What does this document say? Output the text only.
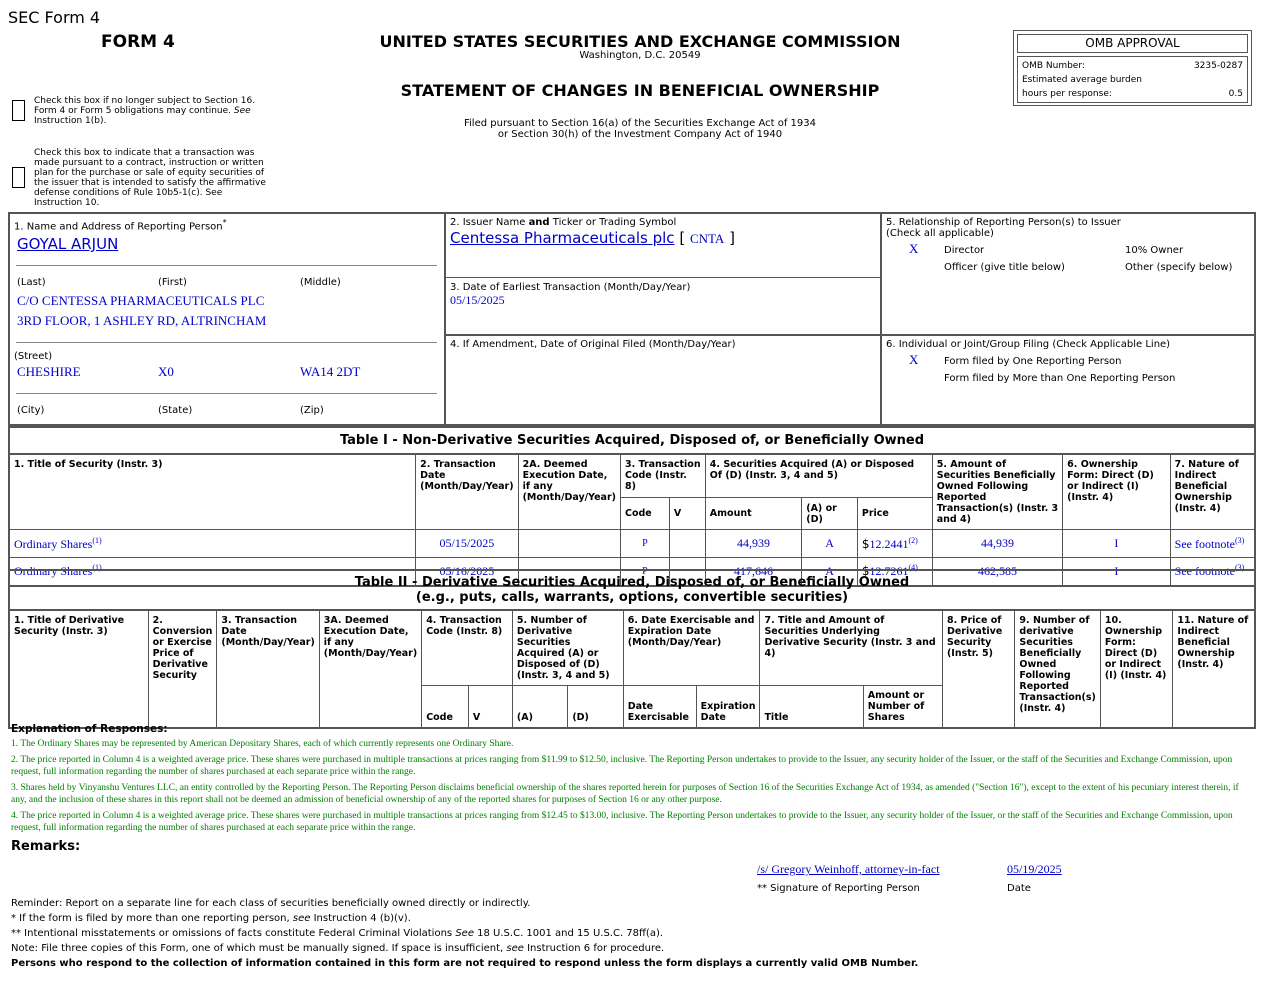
SEC Form 4
FORM 4	UNITED STATES SECURITIES AND EXCHANGE COMMISSION
Washington, D.C. 20549
STATEMENT OF CHANGES IN BENEFICIAL OWNERSHIP
Filed pursuant to Section 16(a) of the Securities Exchange Act of 1934
or Section 30(h) of the Investment Company Act of 1940
OMB APPROVAL
OMB Number:	3235-0287
Estimated average burden
hours per response:	0.5
Check this box if no longer subject to Section 16. Form 4 or Form 5 obligations may continue. See Instruction 1(b).
Check this box to indicate that a transaction was made pursuant to a contract, instruction or written plan for the purchase or sale of equity securities of the issuer that is intended to satisfy the affirmative defense conditions of Rule 10b5-1(c). See Instruction 10.
1. Name and Address of Reporting Person*
GOYAL ARJUN
(Last)	(First)	(Middle)
C/O CENTESSA PHARMACEUTICALS PLC
3RD FLOOR, 1 ASHLEY RD, ALTRINCHAM
(Street)
CHESHIRE	X0	WA14 2DT
(City)	(State)	(Zip)
2. Issuer Name and Ticker or Trading Symbol
Centessa Pharmaceuticals plc [ CNTA ]
3. Date of Earliest Transaction (Month/Day/Year)
05/15/2025
4. If Amendment, Date of Original Filed (Month/Day/Year)
5. Relationship of Reporting Person(s) to Issuer
(Check all applicable)
X	Director	10% Owner
Officer (give title below)	Other (specify below)
6. Individual or Joint/Group Filing (Check Applicable Line)
X	Form filed by One Reporting Person
Form filed by More than One Reporting Person
Table I - Non-Derivative Securities Acquired, Disposed of, or Beneficially Owned										
1. Title of Security (Instr. 3)	2. Transaction Date (Month/Day/Year)	2A. Deemed Execution Date, if any (Month/Day/Year)	3. Transaction Code (Instr. 8)		4. Securities Acquired (A) or Disposed Of (D) (Instr. 3, 4 and 5)			5. Amount of Securities Beneficially Owned Following Reported Transaction(s) (Instr. 3 and 4)	6. Ownership Form: Direct (D) or Indirect (I) (Instr. 4)	7. Nature of Indirect Beneficial Ownership (Instr. 4)
			Code	V	Amount	(A) or (D)	Price			
Ordinary Shares$^{(1)}$	05/15/2025		P		44,939	A	$12.2441$^{(2)}$	44,939	I	See footnote$^{(3)}$
Ordinary Shares$^{(1)}$	05/16/2025		P		417,646	A	$12.7261$^{(4)}$	462,585	I	See footnote$^{(3)}$
Table II - Derivative Securities Acquired, Disposed of, or Beneficially Owned
(e.g., puts, calls, warrants, options, convertible securities)															

1. Title of Derivative Security (Instr. 3)	2. Conversion or Exercise Price of Derivative Security	3. Transaction Date (Month/Day/Year)	3A. Deemed Execution Date, if any (Month/Day/Year)	4. Transaction Code (Instr. 8)		5. Number of Derivative Securities Acquired (A) or Disposed of (D) (Instr. 3, 4 and 5)		6. Date Exercisable and Expiration Date (Month/Day/Year)		7. Title and Amount of Securities Underlying Derivative Security (Instr. 3 and 4)		8. Price of Derivative Security (Instr. 5)	9. Number of derivative Securities Beneficially Owned Following Reported Transaction(s) (Instr. 4)	10. Ownership Form: Direct (D) or Indirect (I) (Instr. 4)	11. Nature of Indirect Beneficial Ownership (Instr. 4)
				Code	V	(A)	(D)	Date Exercisable	Expiration Date	Title	Amount or Number of Shares				
Explanation of Responses:
1. The Ordinary Shares may be represented by American Depositary Shares, each of which currently represents one Ordinary Share.
2. The price reported in Column 4 is a weighted average price. These shares were purchased in multiple transactions at prices ranging from $11.99 to $12.50, inclusive. The Reporting Person undertakes to provide to the Issuer, any security holder of the Issuer, or the staff of the Securities and Exchange Commission, upon request, full information regarding the number of shares purchased at each separate price within the range.
3. Shares held by Vinyanshu Ventures LLC, an entity controlled by the Reporting Person. The Reporting Person disclaims beneficial ownership of the shares reported herein for purposes of Section 16 of the Securities Exchange Act of 1934, as amended ("Section 16"), except to the extent of his pecuniary interest therein, if any, and the inclusion of these shares in this report shall not be deemed an admission of beneficial ownership of any of the reported shares for purposes of Section 16 or any other purpose.
4. The price reported in Column 4 is a weighted average price. These shares were purchased in multiple transactions at prices ranging from $12.45 to $13.00, inclusive. The Reporting Person undertakes to provide to the Issuer, any security holder of the Issuer, or the staff of the Securities and Exchange Commission, upon request, full information regarding the number of shares purchased at each separate price within the range.
Remarks:
/s/ Gregory Weinhoff, attorney-in-fact	05/19/2025
** Signature of Reporting Person	Date
Reminder: Report on a separate line for each class of securities beneficially owned directly or indirectly.
* If the form is filed by more than one reporting person, see Instruction 4 (b)(v).
** Intentional misstatements or omissions of facts constitute Federal Criminal Violations See 18 U.S.C. 1001 and 15 U.S.C. 78ff(a).
Note: File three copies of this Form, one of which must be manually signed. If space is insufficient, see Instruction 6 for procedure.
Persons who respond to the collection of information contained in this form are not required to respond unless the form displays a currently valid OMB Number.
